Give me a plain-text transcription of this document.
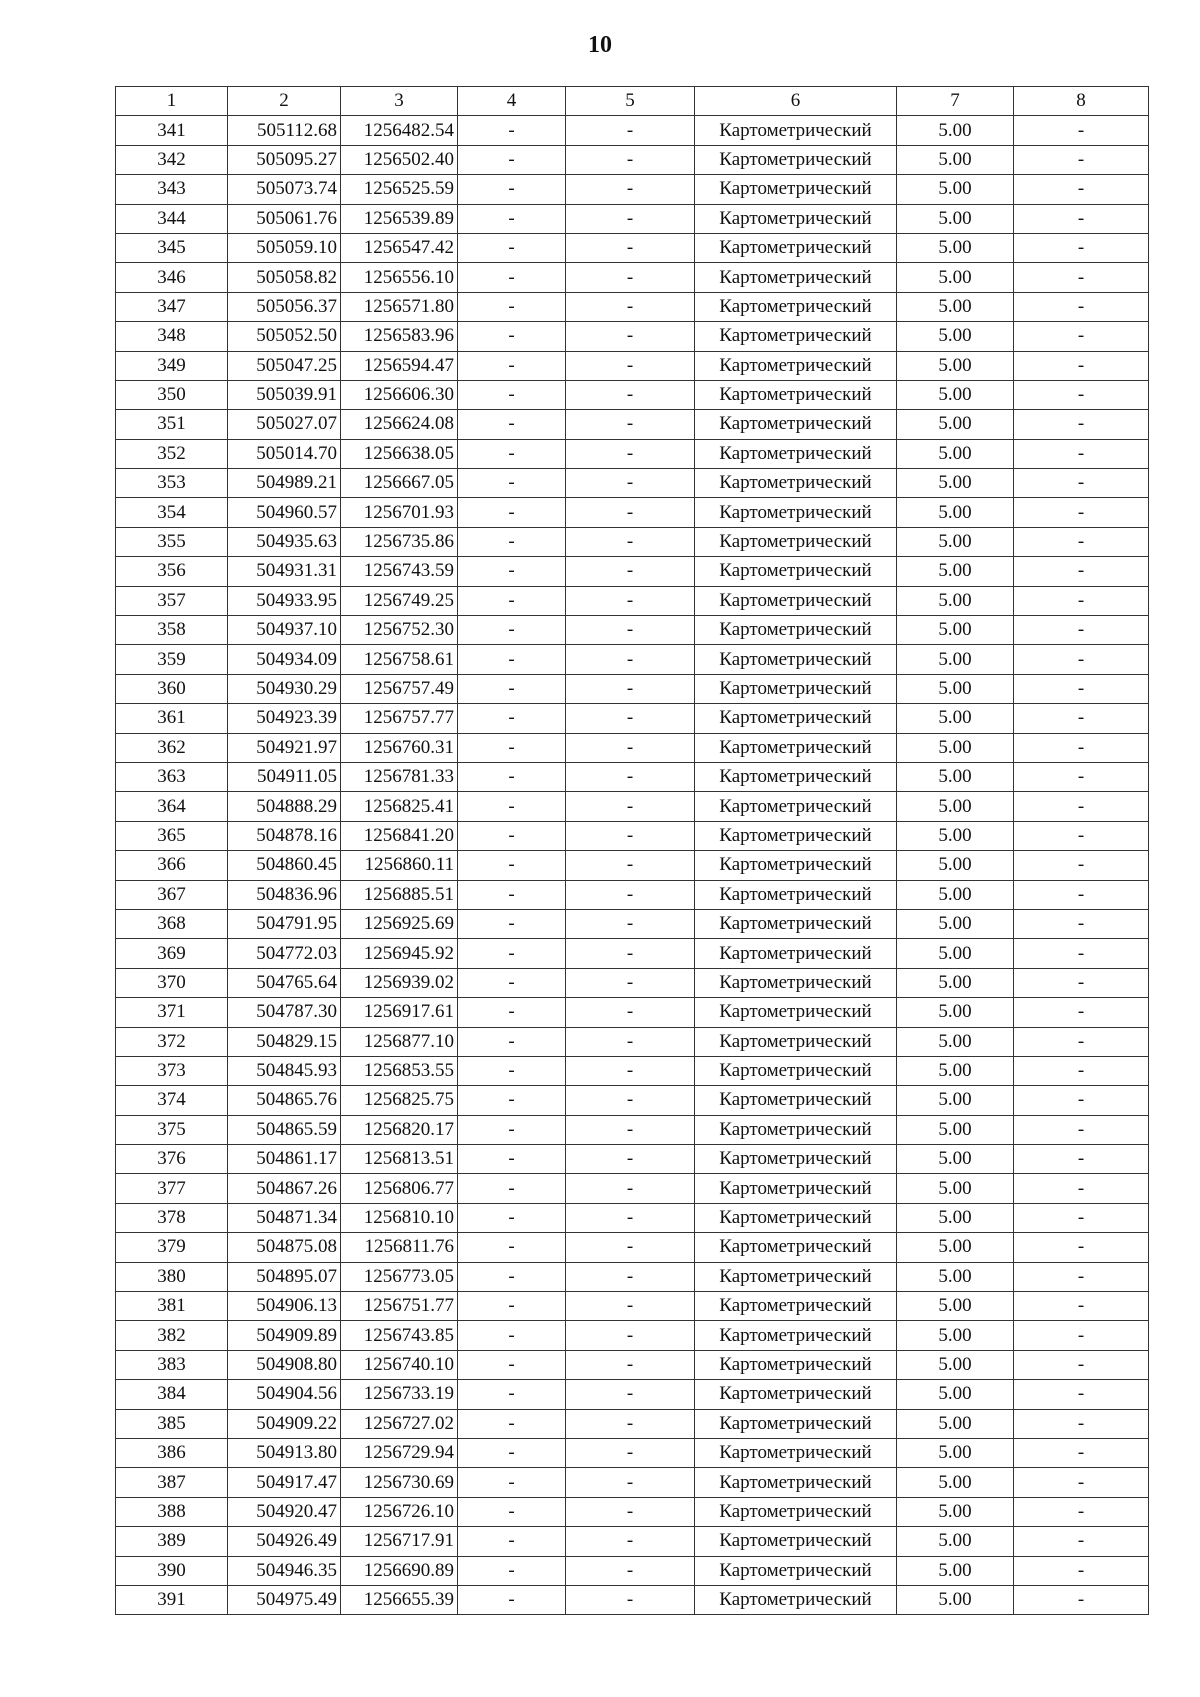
10
1	2	3	4	5	6	7	8
341	505112.68	1256482.54	-	-	Картометрический	5.00	-
342	505095.27	1256502.40	-	-	Картометрический	5.00	-
343	505073.74	1256525.59	-	-	Картометрический	5.00	-
344	505061.76	1256539.89	-	-	Картометрический	5.00	-
345	505059.10	1256547.42	-	-	Картометрический	5.00	-
346	505058.82	1256556.10	-	-	Картометрический	5.00	-
347	505056.37	1256571.80	-	-	Картометрический	5.00	-
348	505052.50	1256583.96	-	-	Картометрический	5.00	-
349	505047.25	1256594.47	-	-	Картометрический	5.00	-
350	505039.91	1256606.30	-	-	Картометрический	5.00	-
351	505027.07	1256624.08	-	-	Картометрический	5.00	-
352	505014.70	1256638.05	-	-	Картометрический	5.00	-
353	504989.21	1256667.05	-	-	Картометрический	5.00	-
354	504960.57	1256701.93	-	-	Картометрический	5.00	-
355	504935.63	1256735.86	-	-	Картометрический	5.00	-
356	504931.31	1256743.59	-	-	Картометрический	5.00	-
357	504933.95	1256749.25	-	-	Картометрический	5.00	-
358	504937.10	1256752.30	-	-	Картометрический	5.00	-
359	504934.09	1256758.61	-	-	Картометрический	5.00	-
360	504930.29	1256757.49	-	-	Картометрический	5.00	-
361	504923.39	1256757.77	-	-	Картометрический	5.00	-
362	504921.97	1256760.31	-	-	Картометрический	5.00	-
363	504911.05	1256781.33	-	-	Картометрический	5.00	-
364	504888.29	1256825.41	-	-	Картометрический	5.00	-
365	504878.16	1256841.20	-	-	Картометрический	5.00	-
366	504860.45	1256860.11	-	-	Картометрический	5.00	-
367	504836.96	1256885.51	-	-	Картометрический	5.00	-
368	504791.95	1256925.69	-	-	Картометрический	5.00	-
369	504772.03	1256945.92	-	-	Картометрический	5.00	-
370	504765.64	1256939.02	-	-	Картометрический	5.00	-
371	504787.30	1256917.61	-	-	Картометрический	5.00	-
372	504829.15	1256877.10	-	-	Картометрический	5.00	-
373	504845.93	1256853.55	-	-	Картометрический	5.00	-
374	504865.76	1256825.75	-	-	Картометрический	5.00	-
375	504865.59	1256820.17	-	-	Картометрический	5.00	-
376	504861.17	1256813.51	-	-	Картометрический	5.00	-
377	504867.26	1256806.77	-	-	Картометрический	5.00	-
378	504871.34	1256810.10	-	-	Картометрический	5.00	-
379	504875.08	1256811.76	-	-	Картометрический	5.00	-
380	504895.07	1256773.05	-	-	Картометрический	5.00	-
381	504906.13	1256751.77	-	-	Картометрический	5.00	-
382	504909.89	1256743.85	-	-	Картометрический	5.00	-
383	504908.80	1256740.10	-	-	Картометрический	5.00	-
384	504904.56	1256733.19	-	-	Картометрический	5.00	-
385	504909.22	1256727.02	-	-	Картометрический	5.00	-
386	504913.80	1256729.94	-	-	Картометрический	5.00	-
387	504917.47	1256730.69	-	-	Картометрический	5.00	-
388	504920.47	1256726.10	-	-	Картометрический	5.00	-
389	504926.49	1256717.91	-	-	Картометрический	5.00	-
390	504946.35	1256690.89	-	-	Картометрический	5.00	-
391	504975.49	1256655.39	-	-	Картометрический	5.00	-
